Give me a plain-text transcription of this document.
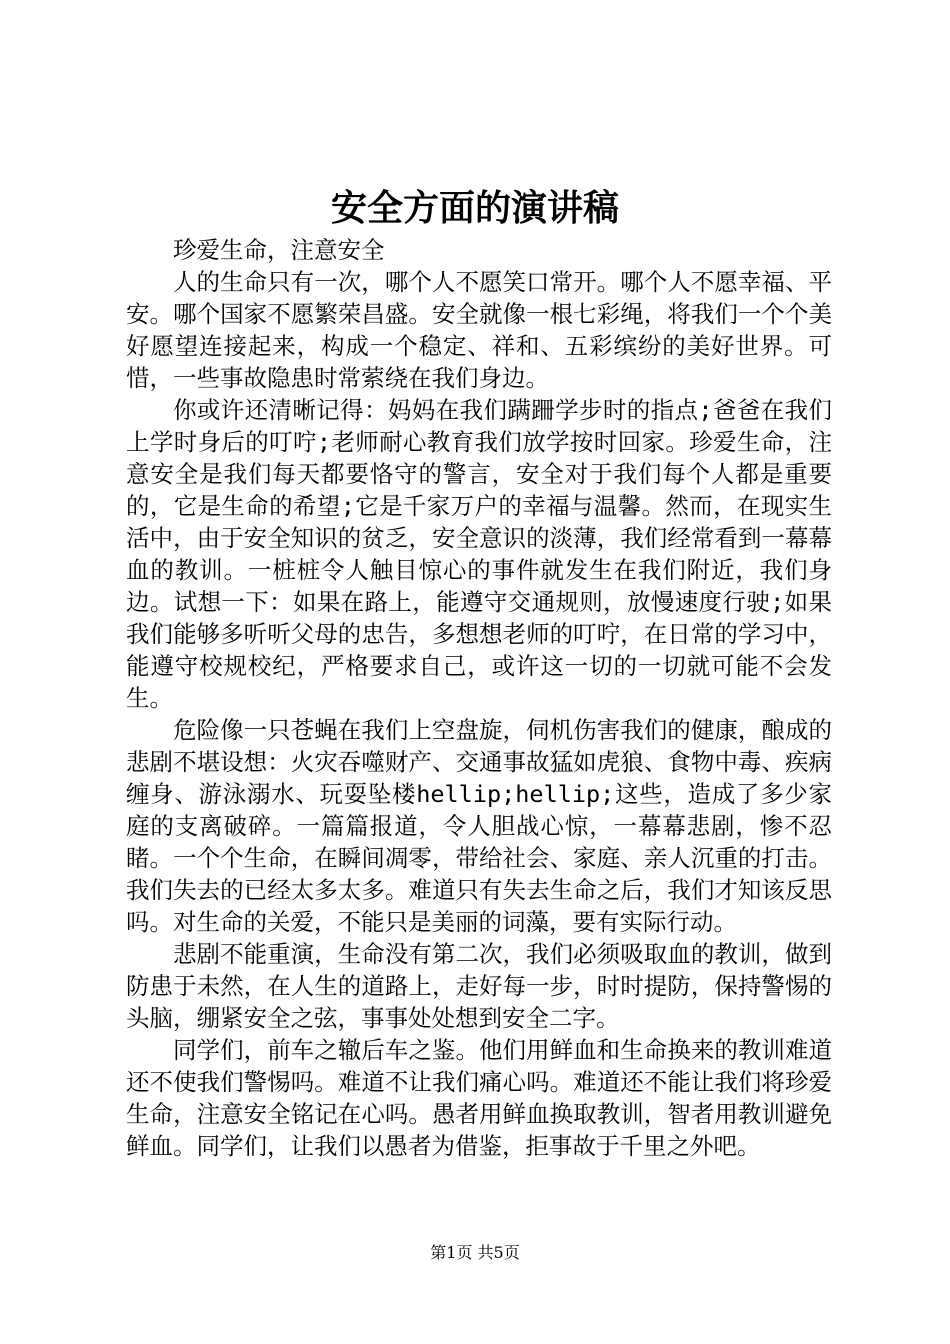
安全方面的演讲稿

珍爱生命，注意安全

人的生命只有一次，哪个人不愿笑口常开。哪个人不愿幸福、平安。哪个国家不愿繁荣昌盛。安全就像一根七彩绳，将我们一个个美好愿望连接起来，构成一个稳定、祥和、五彩缤纷的美好世界。可惜，一些事故隐患时常萦绕在我们身边。

你或许还清晰记得：妈妈在我们蹒跚学步时的指点;爸爸在我们上学时身后的叮咛;老师耐心教育我们放学按时回家。珍爱生命，注意安全是我们每天都要恪守的警言，安全对于我们每个人都是重要的，它是生命的希望;它是千家万户的幸福与温馨。然而，在现实生活中，由于安全知识的贫乏，安全意识的淡薄，我们经常看到一幕幕血的教训。一桩桩令人触目惊心的事件就发生在我们附近，我们身边。试想一下：如果在路上，能遵守交通规则，放慢速度行驶;如果我们能够多听听父母的忠告，多想想老师的叮咛，在日常的学习中，能遵守校规校纪，严格要求自己，或许这一切的一切就可能不会发生。

危险像一只苍蝇在我们上空盘旋，伺机伤害我们的健康，酿成的悲剧不堪设想：火灾吞噬财产、交通事故猛如虎狼、食物中毒、疾病缠身、游泳溺水、玩耍坠楼hellip;hellip;这些，造成了多少家庭的支离破碎。一篇篇报道，令人胆战心惊，一幕幕悲剧，惨不忍睹。一个个生命，在瞬间凋零，带给社会、家庭、亲人沉重的打击。我们失去的已经太多太多。难道只有失去生命之后，我们才知该反思吗。对生命的关爱，不能只是美丽的词藻，要有实际行动。

悲剧不能重演，生命没有第二次，我们必须吸取血的教训，做到防患于未然，在人生的道路上，走好每一步，时时提防，保持警惕的头脑，绷紧安全之弦，事事处处想到安全二字。

同学们，前车之辙后车之鉴。他们用鲜血和生命换来的教训难道还不使我们警惕吗。难道不让我们痛心吗。难道还不能让我们将珍爱生命，注意安全铭记在心吗。愚者用鲜血换取教训，智者用教训避免鲜血。同学们，让我们以愚者为借鉴，拒事故于千里之外吧。

第1页 共5页
